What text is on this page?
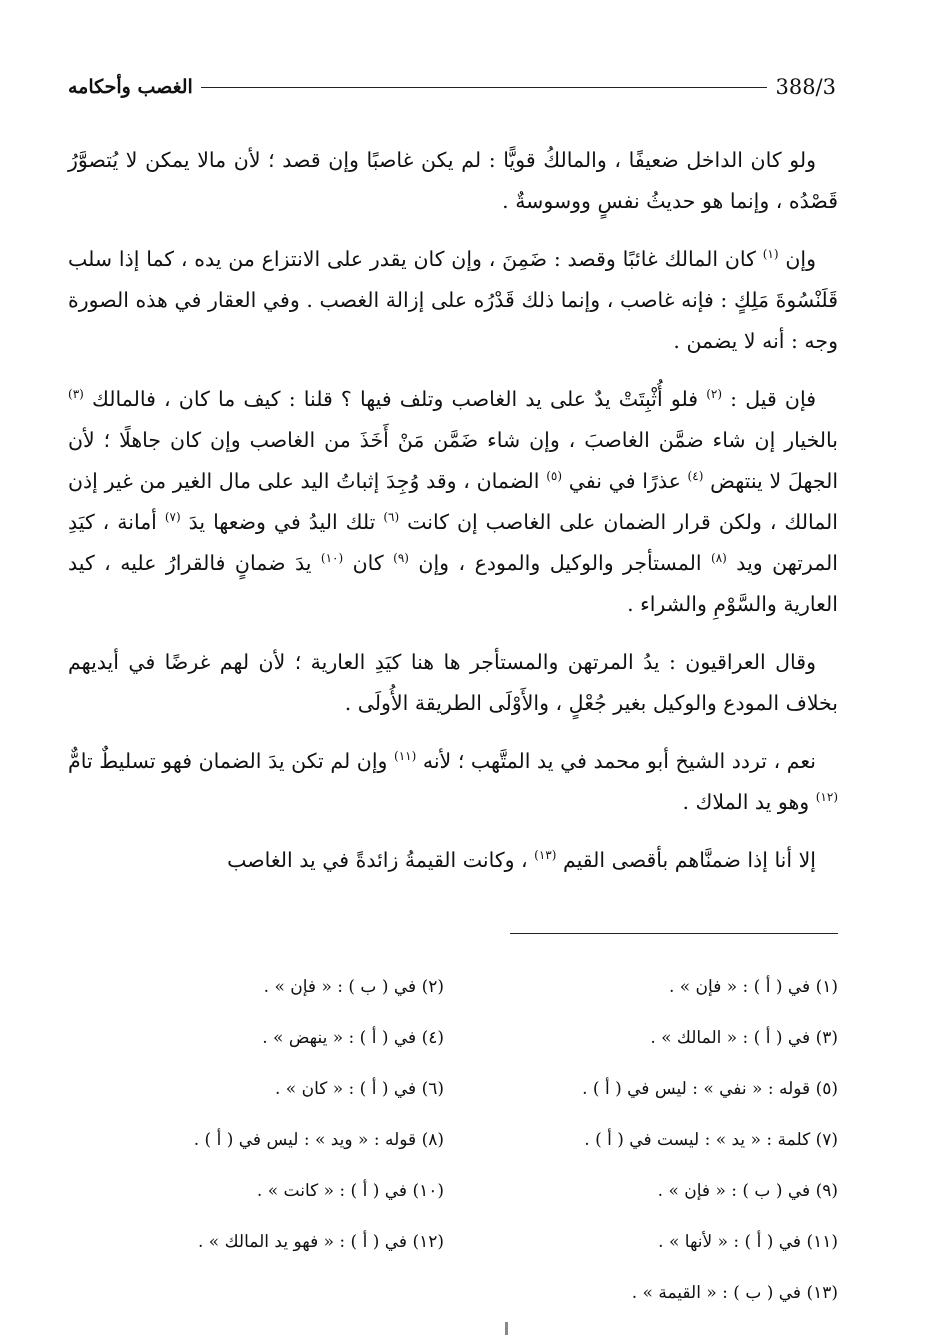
الغصب وأحكامه	388/3

ولو كان الداخل ضعيفًا ، والمالكُ قويًّا : لم يكن غاصبًا وإن قصد ؛ لأن مالا يمكن لا يُتصوَّرُ قَصْدُه ، وإنما هو حديثُ نفسٍ ووسوسةٌ .

وإن $^{(١)}$ كان المالك غائبًا وقصد : ضَمِنَ ، وإن كان يقدر على الانتزاع من يده ، كما إذا سلب قَلَنْسُوةَ مَلِكٍ : فإنه غاصب ، وإنما ذلك قَدْرُه على إزالة الغصب . وفي العقار في هذه الصورة وجه : أنه لا يضمن .

فإن قيل : $^{(٢)}$ فلو أُثْبِتَتْ يدٌ على يد الغاصب وتلف فيها ؟ قلنا : كيف ما كان ، فالمالك $^{(٣)}$ بالخيار إن شاء ضمَّن الغاصبَ ، وإن شاء ضَمَّن مَنْ أَخَذَ من الغاصب وإن كان جاهلًا ؛ لأن الجهلَ لا ينتهض $^{(٤)}$ عذرًا في نفي $^{(٥)}$ الضمان ، وقد وُجِدَ إثباتُ اليد على مال الغير من غير إذن المالك ، ولكن قرار الضمان على الغاصب إن كانت $^{(٦)}$ تلك اليدُ في وضعها يدَ $^{(٧)}$ أمانة ، كيَدِ المرتهن ويد $^{(٨)}$ المستأجر والوكيل والمودع ، وإن $^{(٩)}$ كان $^{(١٠)}$ يدَ ضمانٍ فالقرارُ عليه ، كيد العارية والسَّوْمِ والشراء .

وقال العراقيون : يدُ المرتهن والمستأجر ها هنا كيَدِ العارية ؛ لأن لهم غرضًا في أيديهم بخلاف المودع والوكيل بغير جُعْلٍ ، والأَوْلَى الطريقة الأُولَى .

نعم ، تردد الشيخ أبو محمد في يد المتَّهب ؛ لأنه $^{(١١)}$ وإن لم تكن يدَ الضمان فهو تسليطٌ تامٌّ $^{(١٢)}$ وهو يد الملاك .

إلا أنا إذا ضمنَّاهم بأقصى القيم $^{(١٣)}$ ، وكانت القيمةُ زائدةً في يد الغاصب

(١) في ( أ ) : « فإن » .
(٢) في ( ب ) : « فإن » .
(٣) في ( أ ) : « المالك » .
(٤) في ( أ ) : « ينهض » .
(٥) قوله : « نفي » : ليس في ( أ ) .
(٦) في ( أ ) : « كان » .
(٧) كلمة : « يد » : ليست في ( أ ) .
(٨) قوله : « ويد » : ليس في ( أ ) .
(٩) في ( ب ) : « فإن » .
(١٠) في ( أ ) : « كانت » .
(١١) في ( أ ) : « لأنها » .
(١٢) في ( أ ) : « فهو يد المالك » .
(١٣) في ( ب ) : « القيمة » .
